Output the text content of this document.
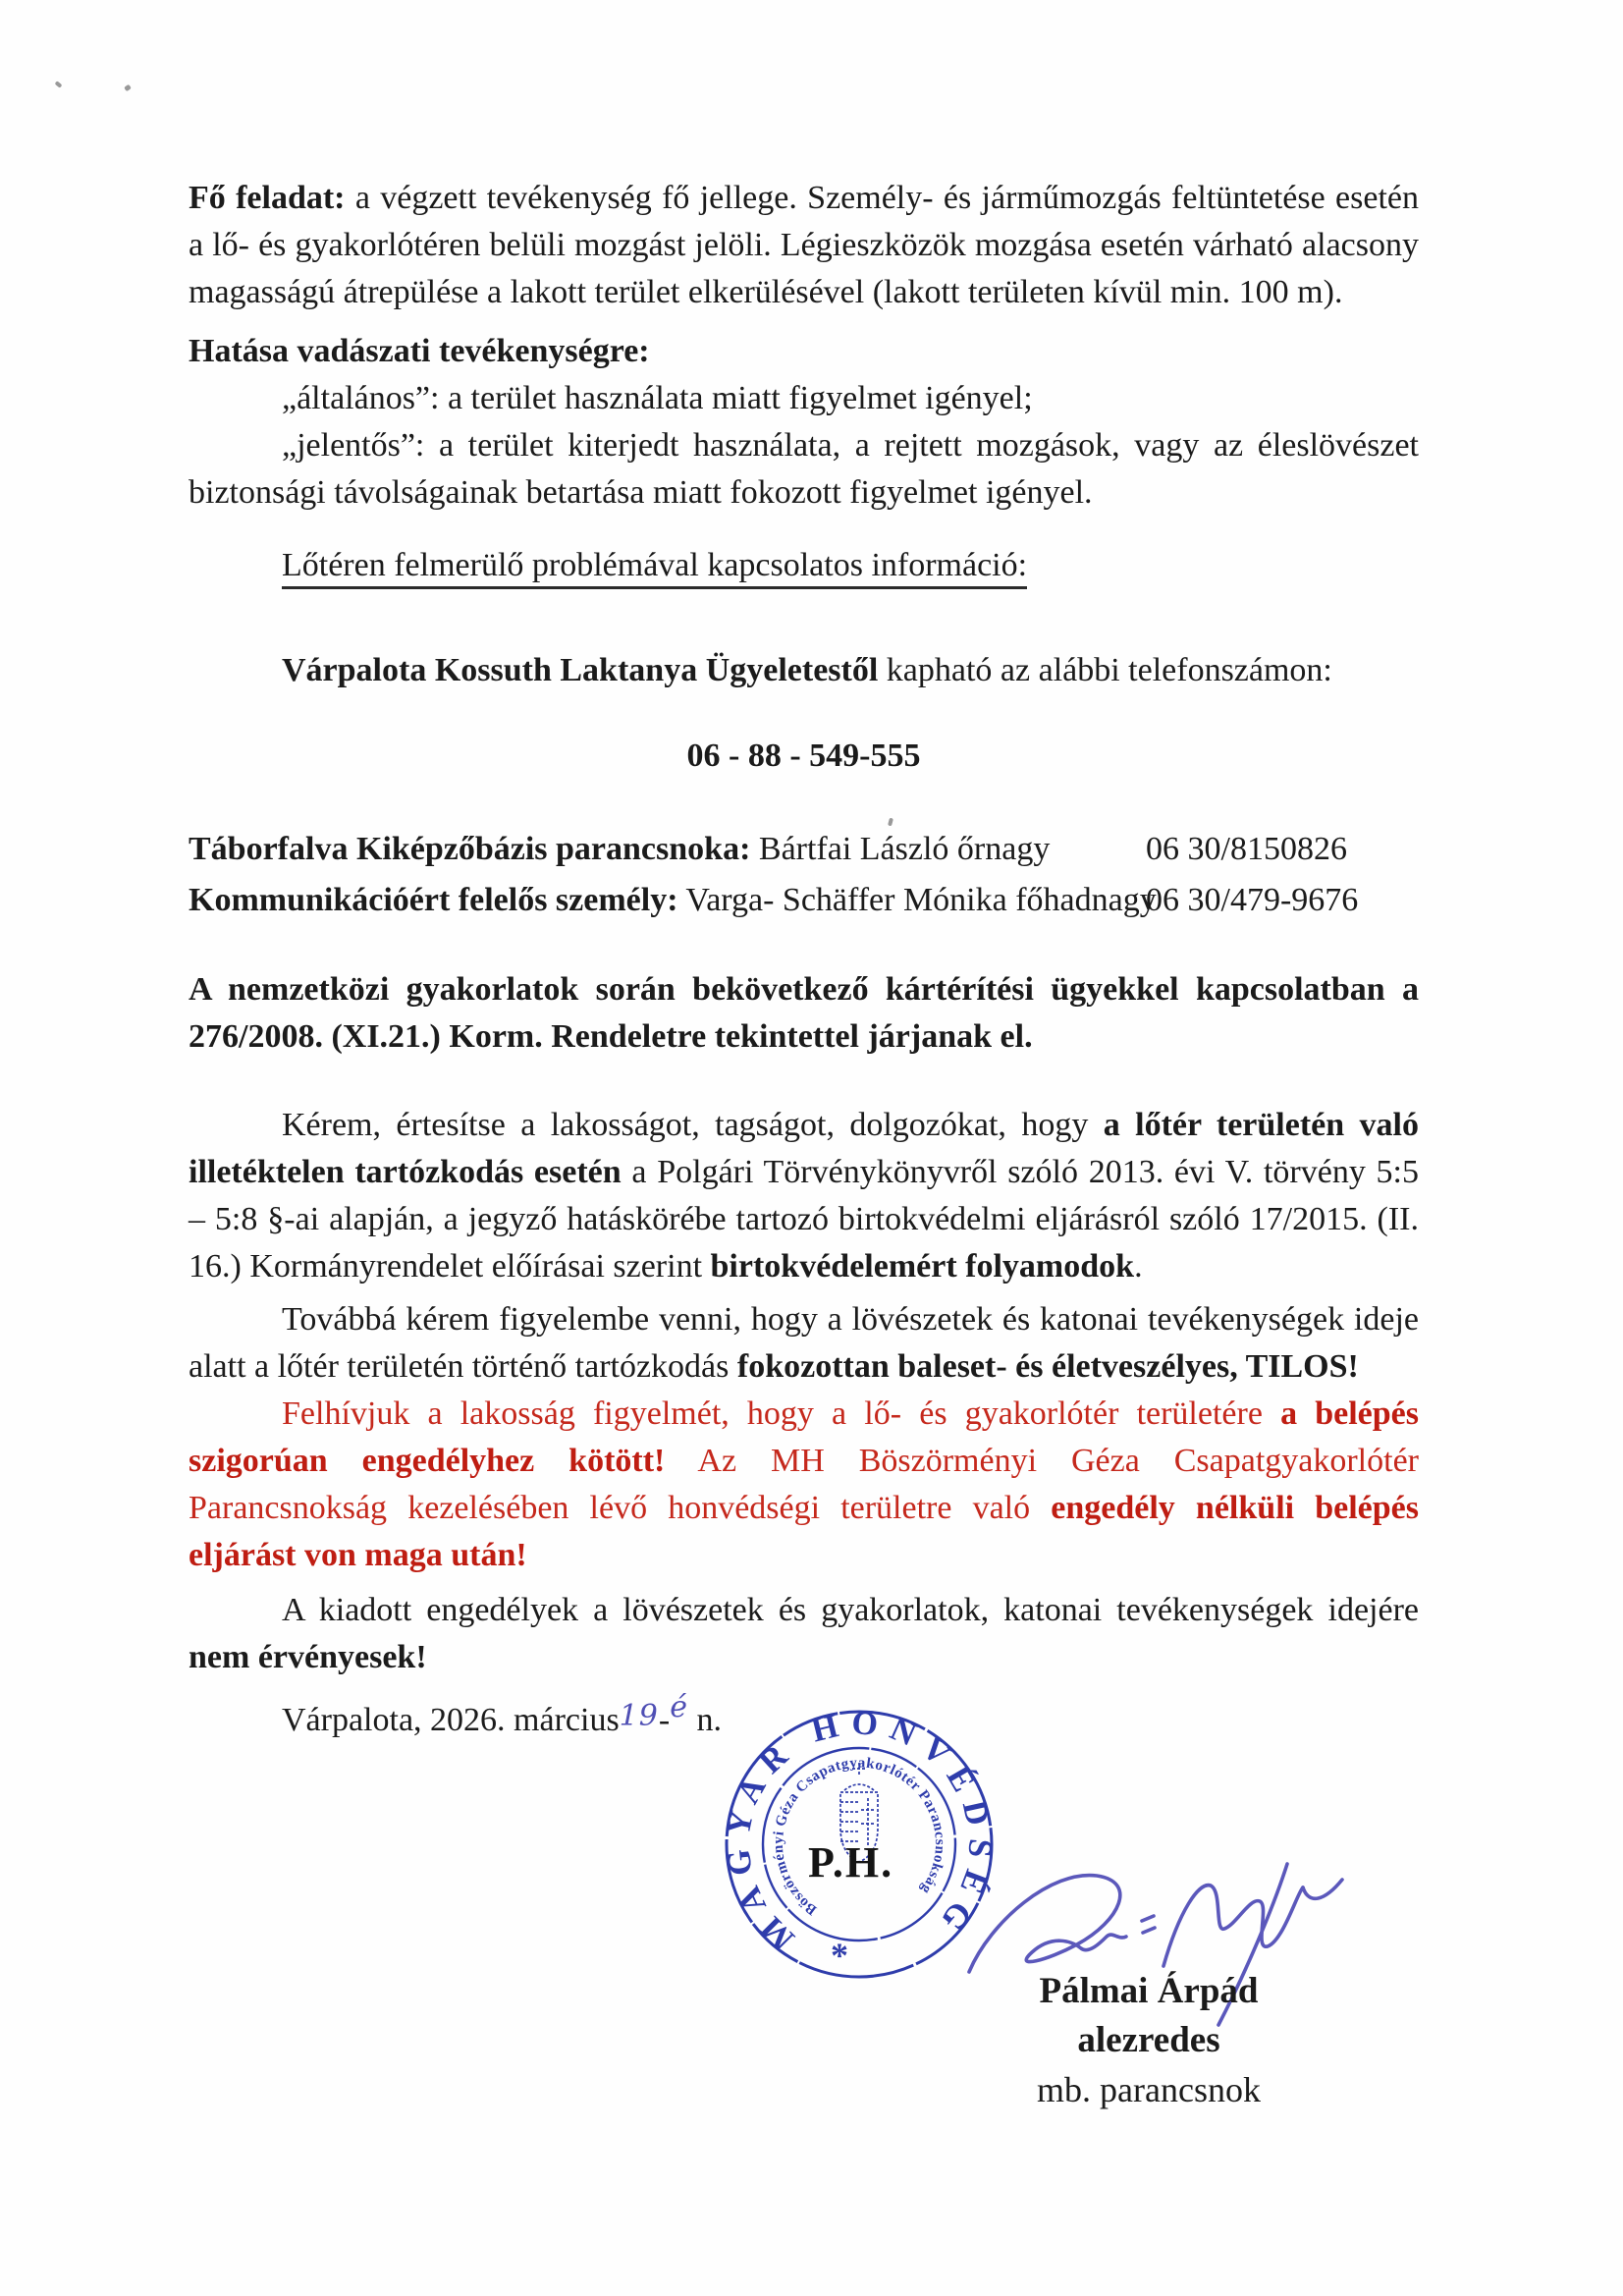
Fő feladat: a végzett tevékenység fő jellege. Személy- és járműmozgás feltüntetése esetén a lő- és gyakorlótéren belüli mozgást jelöli. Légieszközök mozgása esetén várható alacsony magasságú átrepülése a lakott terület elkerülésével (lakott területen kívül min. 100 m).

Hatása vadászati tevékenységre:

„általános”: a terület használata miatt figyelmet igényel;

„jelentős”: a terület kiterjedt használata, a rejtett mozgások, vagy az éleslövészet biztonsági távolságainak betartása miatt fokozott figyelmet igényel.

Lőtéren felmerülő problémával kapcsolatos információ:

Várpalota Kossuth Laktanya Ügyeletestől kapható az alábbi telefonszámon:

06 - 88 - 549-555

Táborfalva Kiképzőbázis parancsnoka: Bártfai László őrnagy	06 30/8150826

Kommunikációért felelős személy: Varga- Schäffer Mónika főhadnagy
06 30/479-9676

A nemzetközi gyakorlatok során bekövetkező kártérítési ügyekkel kapcsolatban a 276/2008. (XI.21.) Korm. Rendeletre tekintettel járjanak el.

Kérem, értesítse a lakosságot, tagságot, dolgozókat, hogy a lőtér területén való illetéktelen tartózkodás esetén a Polgári Törvénykönyvről szóló 2013. évi V. törvény 5:5 – 5:8 §-ai alapján, a jegyző hatáskörébe tartozó birtokvédelmi eljárásról szóló 17/2015. (II. 16.) Kormányrendelet előírásai szerint birtokvédelemért folyamodok.

Továbbá kérem figyelembe venni, hogy a lövészetek és katonai tevékenységek ideje alatt a lőtér területén történő tartózkodás fokozottan baleset- és életveszélyes, TILOS!

Felhívjuk a lakosság figyelmét, hogy a lő- és gyakorlótér területére a belépés szigorúan engedélyhez kötött! Az MH Böszörményi Géza Csapatgyakorlótér Parancsnokság kezelésében lévő honvédségi területre való engedély nélküli belépés eljárást von maga után!

A kiadott engedélyek a lövészetek és gyakorlatok, katonai tevékenységek idejére nem érvényesek!

Várpalota, 2026. március19-é n.

MAGYAR HONVÉDSÉG
Böszörményi Géza Csapatgyakorlótér Parancsnokság
P.H.
*
Pálmai Árpád alezredes
mb. parancsnok
